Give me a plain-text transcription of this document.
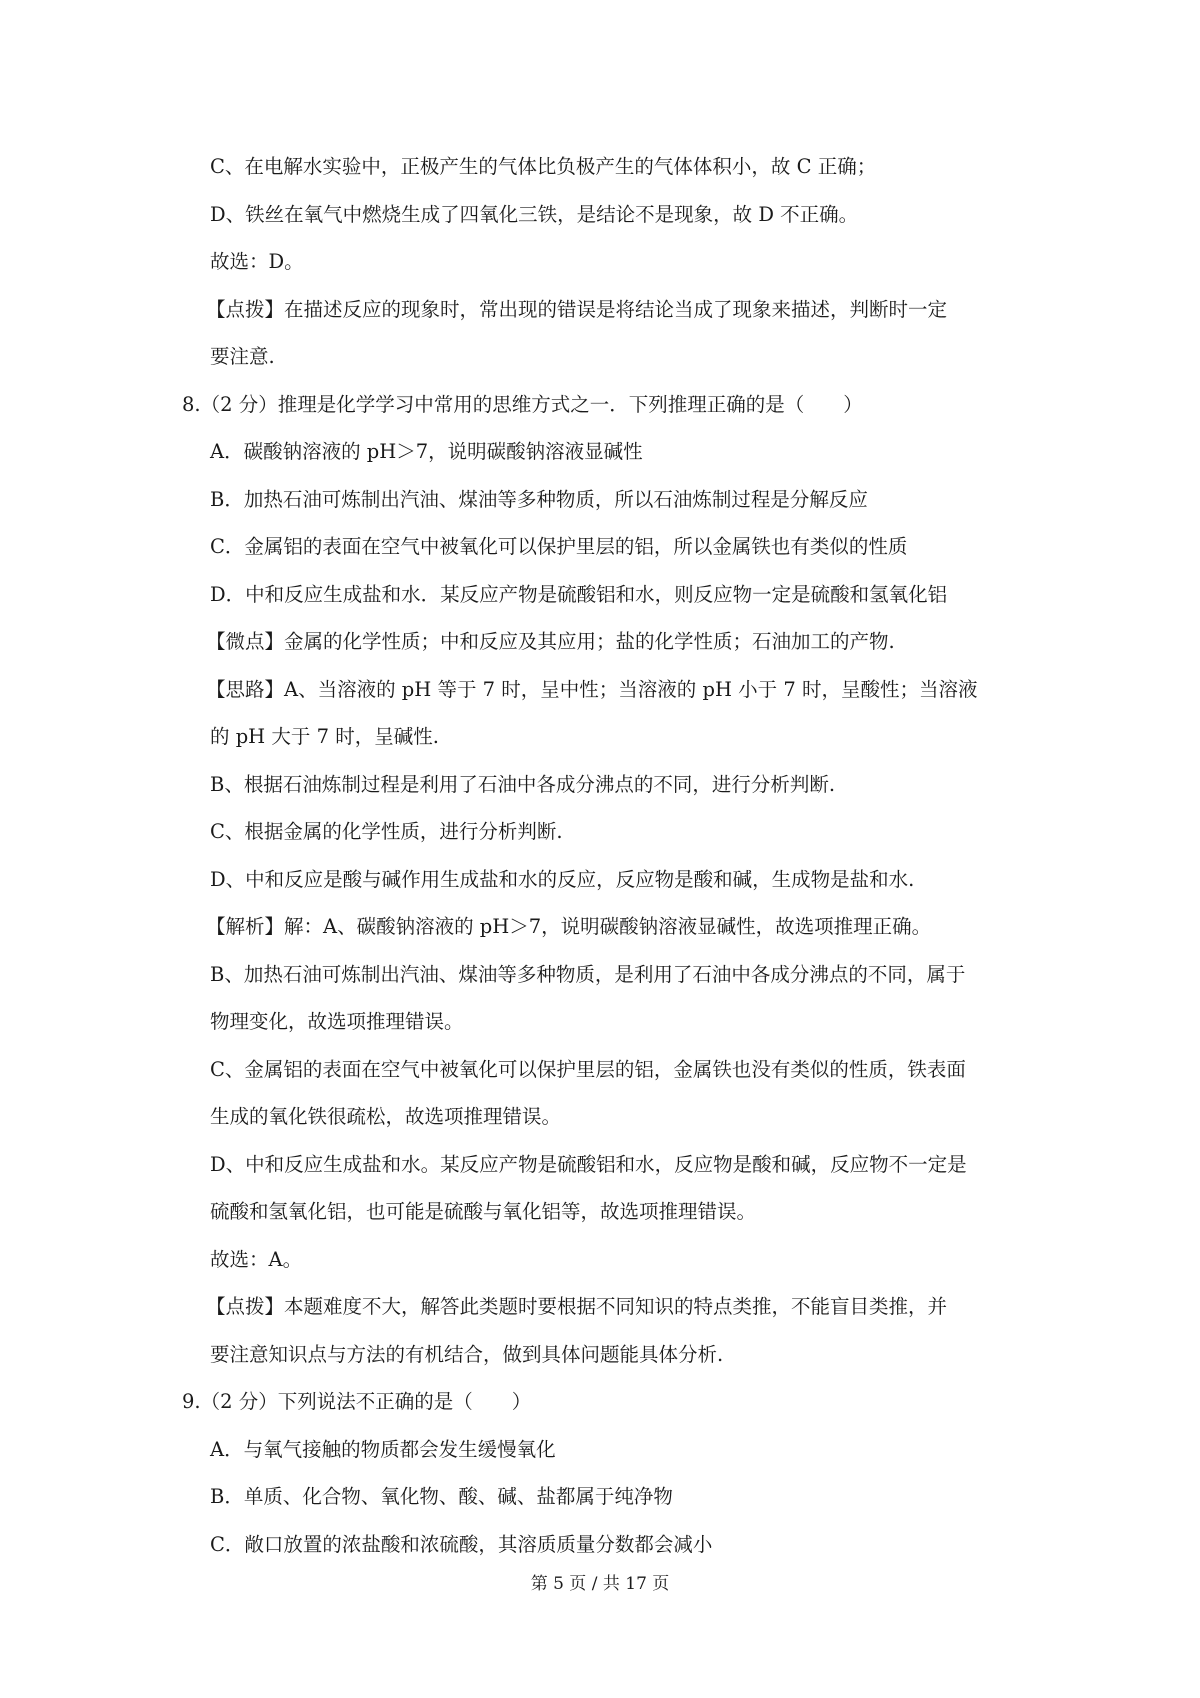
C、在电解水实验中，正极产生的气体比负极产生的气体体积小，故 C 正确；

D、铁丝在氧气中燃烧生成了四氧化三铁，是结论不是现象，故 D 不正确。

故选：D。

【点拨】在描述反应的现象时，常出现的错误是将结论当成了现象来描述，判断时一定

要注意.

8.（2 分）推理是化学学习中常用的思维方式之一．下列推理正确的是（　　）

A．碳酸钠溶液的 pH＞7，说明碳酸钠溶液显碱性

B．加热石油可炼制出汽油、煤油等多种物质，所以石油炼制过程是分解反应

C．金属铝的表面在空气中被氧化可以保护里层的铝，所以金属铁也有类似的性质

D．中和反应生成盐和水．某反应产物是硫酸铝和水，则反应物一定是硫酸和氢氧化铝

【微点】金属的化学性质；中和反应及其应用；盐的化学性质；石油加工的产物.

【思路】A、当溶液的 pH 等于 7 时，呈中性；当溶液的 pH 小于 7 时，呈酸性；当溶液

的 pH 大于 7 时，呈碱性.

B、根据石油炼制过程是利用了石油中各成分沸点的不同，进行分析判断.

C、根据金属的化学性质，进行分析判断.

D、中和反应是酸与碱作用生成盐和水的反应，反应物是酸和碱，生成物是盐和水.

【解析】解：A、碳酸钠溶液的 pH＞7，说明碳酸钠溶液显碱性，故选项推理正确。

B、加热石油可炼制出汽油、煤油等多种物质，是利用了石油中各成分沸点的不同，属于

物理变化，故选项推理错误。

C、金属铝的表面在空气中被氧化可以保护里层的铝，金属铁也没有类似的性质，铁表面

生成的氧化铁很疏松，故选项推理错误。

D、中和反应生成盐和水。某反应产物是硫酸铝和水，反应物是酸和碱，反应物不一定是

硫酸和氢氧化铝，也可能是硫酸与氧化铝等，故选项推理错误。

故选：A。

【点拨】本题难度不大，解答此类题时要根据不同知识的特点类推，不能盲目类推，并

要注意知识点与方法的有机结合，做到具体问题能具体分析.

9.（2 分）下列说法不正确的是（　　）

A．与氧气接触的物质都会发生缓慢氧化

B．单质、化合物、氧化物、酸、碱、盐都属于纯净物

C．敞口放置的浓盐酸和浓硫酸，其溶质质量分数都会减小

第 5 页 / 共 17 页
